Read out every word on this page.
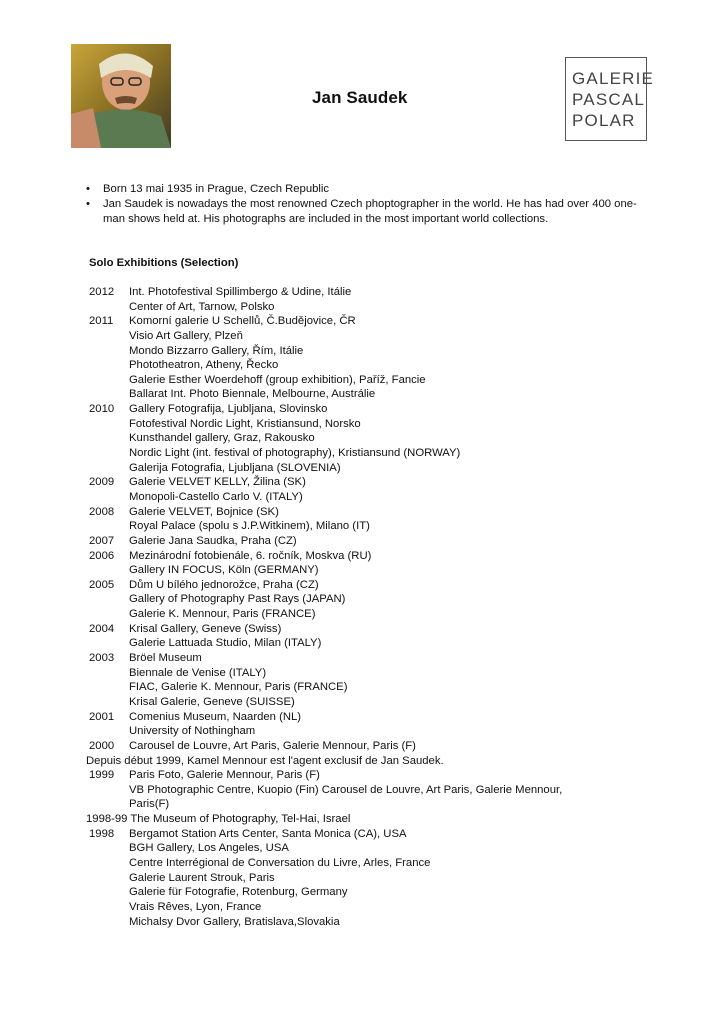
Jan Saudek
GALERIE
PASCAL
POLAR
• Born 13 mai 1935 in Prague, Czech Republic
• Jan Saudek is nowadays the most renowned Czech phoptographer in the world. He has had over 400 one-man shows held at. His photographs are included in the most important world collections.
Solo Exhibitions (Selection)
2012 Int. Photofestival Spillimbergo & Udine, Itálie
Center of Art, Tarnow, Polsko
2011 Komorní galerie U Schellů, Č.Budějovice, ČR
Visio Art Gallery, Plzeň
Mondo Bizzarro Gallery, Řím, Itálie
Phototheatron, Atheny, Řecko
Galerie Esther Woerdehoff (group exhibition), Paříž, Fancie
Ballarat Int. Photo Biennale, Melbourne, Austrálie
2010 Gallery Fotografija, Ljubljana, Slovinsko
Fotofestival Nordic Light, Kristiansund, Norsko
Kunsthandel gallery, Graz, Rakousko
Nordic Light (int. festival of photography), Kristiansund (NORWAY)
Galerija Fotografia, Ljubljana (SLOVENIA)
2009 Galerie VELVET KELLY, Žilina (SK)
Monopoli-Castello Carlo V. (ITALY)
2008 Galerie VELVET, Bojnice (SK)
Royal Palace (spolu s J.P.Witkinem), Milano (IT)
2007 Galerie Jana Saudka, Praha (CZ)
2006 Mezinárodní fotobienále, 6. ročník, Moskva (RU)
Gallery IN FOCUS, Köln (GERMANY)
2005 Dům U bílého jednorožce, Praha (CZ)
Gallery of Photography Past Rays (JAPAN)
Galerie K. Mennour, Paris (FRANCE)
2004 Krisal Gallery, Geneve (Swiss)
Galerie Lattuada Studio, Milan (ITALY)
2003 Bröel Museum
Biennale de Venise (ITALY)
FIAC, Galerie K. Mennour, Paris (FRANCE)
Krisal Galerie, Geneve (SUISSE)
2001 Comenius Museum, Naarden (NL)
University of Nothingham
2000 Carousel de Louvre, Art Paris, Galerie Mennour, Paris (F)
Depuis début 1999, Kamel Mennour est l'agent exclusif de Jan Saudek.
1999 Paris Foto, Galerie Mennour, Paris (F)
VB Photographic Centre, Kuopio (Fin) Carousel de Louvre, Art Paris, Galerie Mennour,
Paris(F)
1998-99 The Museum of Photography, Tel-Hai, Israel
1998 Bergamot Station Arts Center, Santa Monica (CA), USA
BGH Gallery, Los Angeles, USA
Centre Interrégional de Conversation du Livre, Arles, France
Galerie Laurent Strouk, Paris
Galerie für Fotografie, Rotenburg, Germany
Vrais Rêves, Lyon, France
Michalsy Dvor Gallery, Bratislava,Slovakia
